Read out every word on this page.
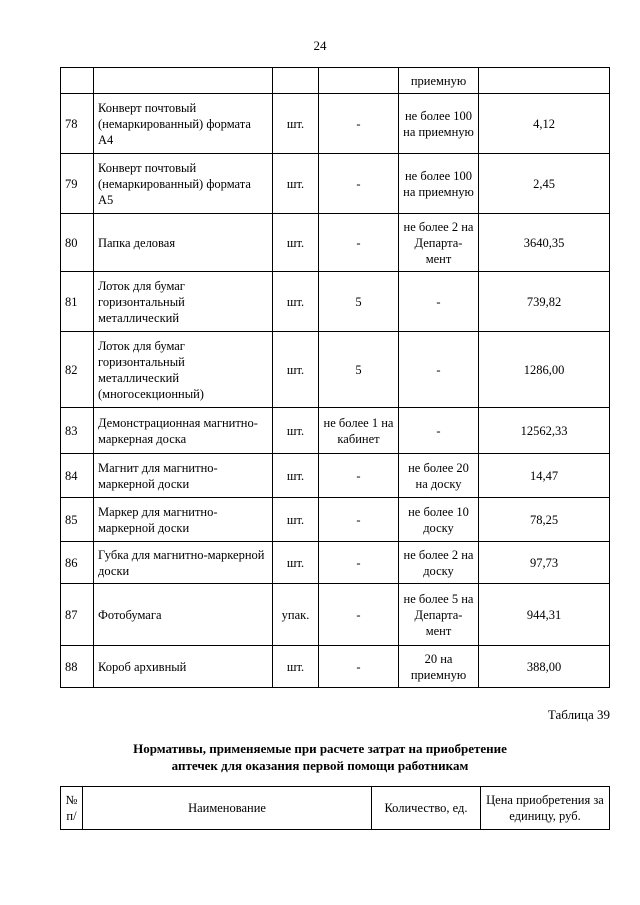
24
				приемную	
78	Конверт почтовый (немаркированный) формата А4	шт.	-	не более 100 на приемную	4,12
79	Конверт почтовый (немаркированный) формата А5	шт.	-	не более 100 на приемную	2,45
80	Папка деловая	шт.	-	не более 2 на Департа-мент	3640,35
81	Лоток для бумаг горизонтальный металлический	шт.	5	-	739,82
82	Лоток для бумаг горизонтальный металлический (многосекционный)	шт.	5	-	1286,00
83	Демонстрационная магнитно-маркерная доска	шт.	не более 1 на кабинет	-	12562,33
84	Магнит для магнитно-маркерной доски	шт.	-	не более 20 на доску	14,47
85	Маркер для магнитно-маркерной доски	шт.	-	не более 10 доску	78,25
86	Губка для магнитно-маркерной доски	шт.	-	не более 2 на доску	97,73
87	Фотобумага	упак.	-	не более 5 на Департа-мент	944,31
88	Короб архивный	шт.	-	20 на приемную	388,00
Таблица 39
Нормативы, применяемые при расчете затрат на приобретение
аптечек для оказания первой помощи работникам
№ п/	Наименование	Количество, ед.	Цена приобретения за единицу, руб.
